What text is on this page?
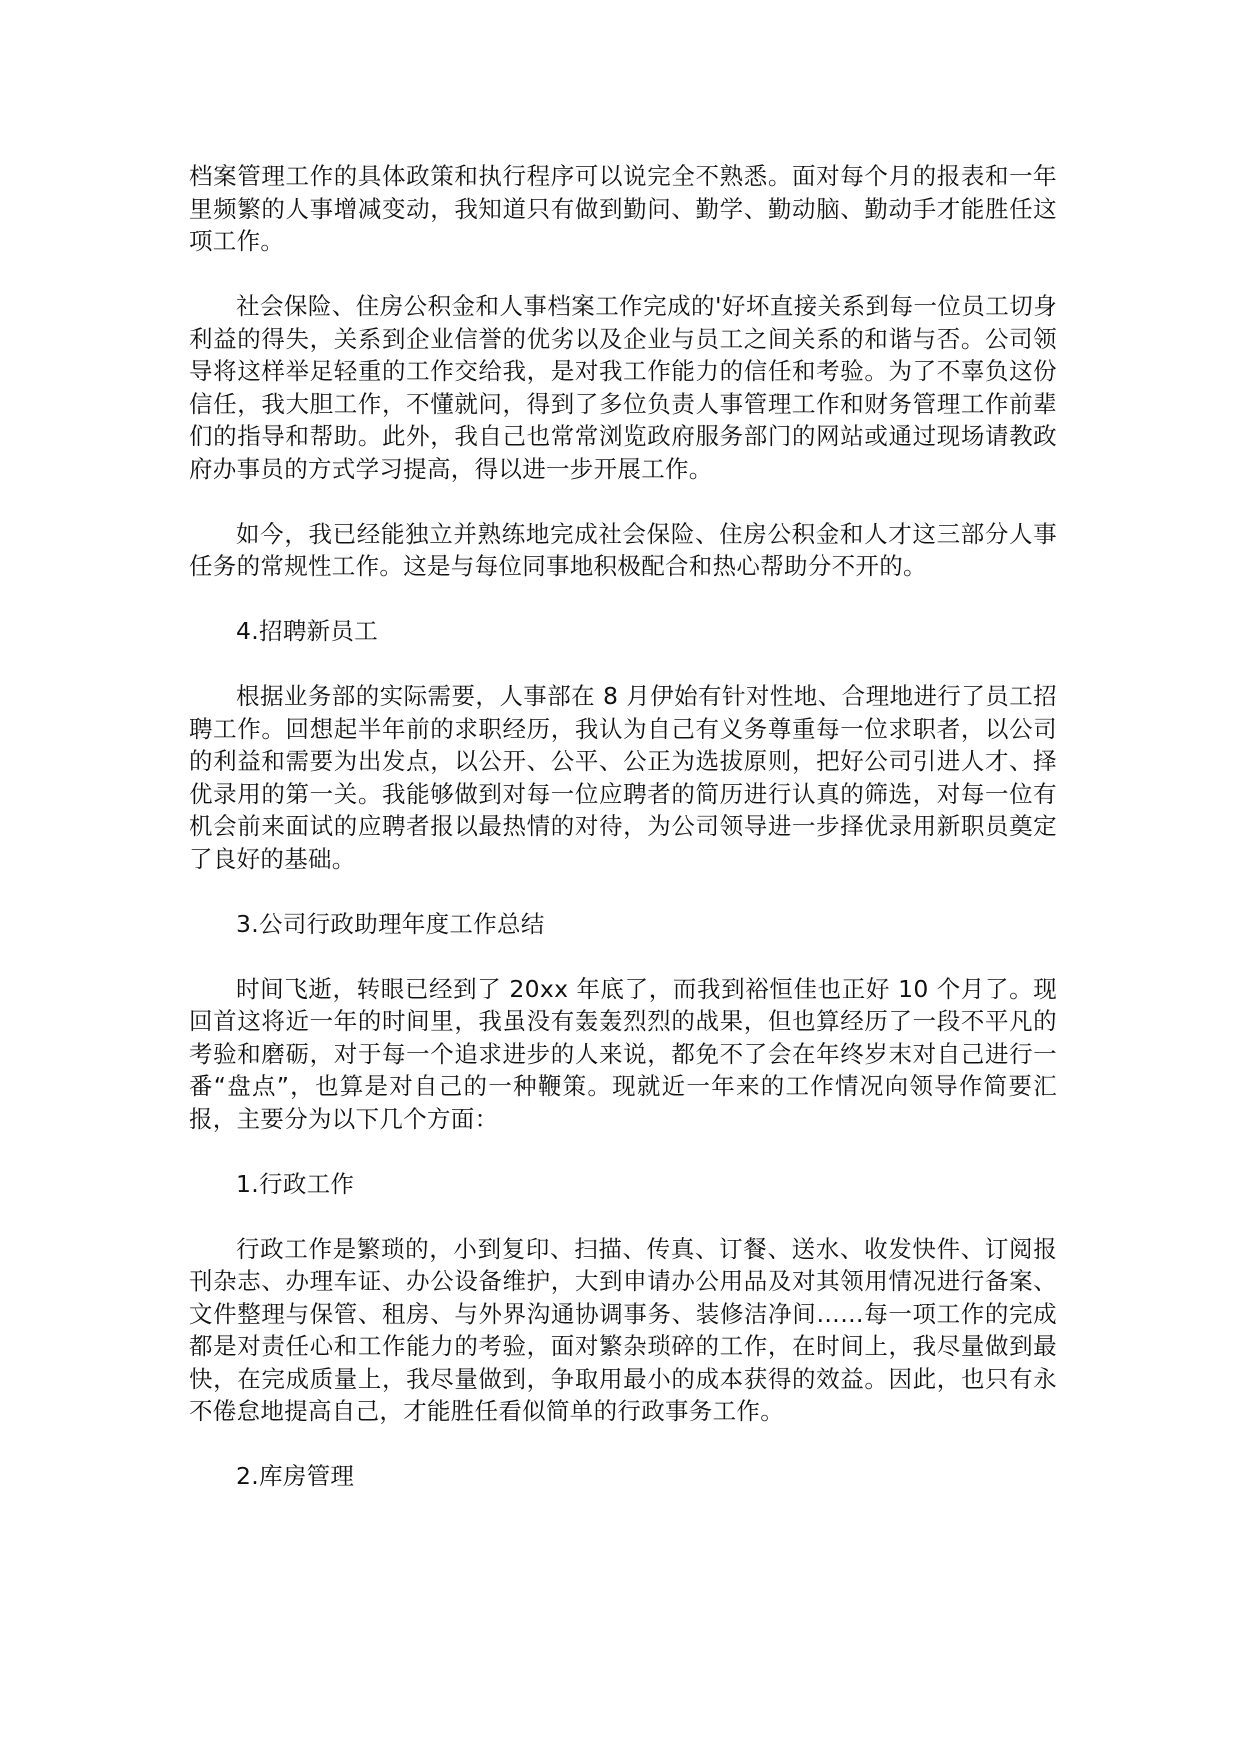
档案管理工作的具体政策和执行程序可以说完全不熟悉。面对每个月的报表和一年里频繁的人事增减变动，我知道只有做到勤问、勤学、勤动脑、勤动手才能胜任这项工作。

社会保险、住房公积金和人事档案工作完成的'好坏直接关系到每一位员工切身利益的得失，关系到企业信誉的优劣以及企业与员工之间关系的和谐与否。公司领导将这样举足轻重的工作交给我，是对我工作能力的信任和考验。为了不辜负这份信任，我大胆工作，不懂就问，得到了多位负责人事管理工作和财务管理工作前辈们的指导和帮助。此外，我自己也常常浏览政府服务部门的网站或通过现场请教政府办事员的方式学习提高，得以进一步开展工作。

如今，我已经能独立并熟练地完成社会保险、住房公积金和人才这三部分人事任务的常规性工作。这是与每位同事地积极配合和热心帮助分不开的。

4.招聘新员工

根据业务部的实际需要，人事部在 8 月伊始有针对性地、合理地进行了员工招聘工作。回想起半年前的求职经历，我认为自己有义务尊重每一位求职者，以公司的利益和需要为出发点，以公开、公平、公正为选拔原则，把好公司引进人才、择优录用的第一关。我能够做到对每一位应聘者的简历进行认真的筛选，对每一位有机会前来面试的应聘者报以最热情的对待，为公司领导进一步择优录用新职员奠定了良好的基础。

3.公司行政助理年度工作总结

时间飞逝，转眼已经到了 20xx 年底了，而我到裕恒佳也正好 10 个月了。现回首这将近一年的时间里，我虽没有轰轰烈烈的战果，但也算经历了一段不平凡的考验和磨砺，对于每一个追求进步的人来说，都免不了会在年终岁末对自己进行一番“盘点”，也算是对自己的一种鞭策。现就近一年来的工作情况向领导作简要汇报，主要分为以下几个方面：

1.行政工作

行政工作是繁琐的，小到复印、扫描、传真、订餐、送水、收发快件、订阅报刊杂志、办理车证、办公设备维护，大到申请办公用品及对其领用情况进行备案、文件整理与保管、租房、与外界沟通协调事务、装修洁净间……每一项工作的完成都是对责任心和工作能力的考验，面对繁杂琐碎的工作，在时间上，我尽量做到最快，在完成质量上，我尽量做到，争取用最小的成本获得的效益。因此，也只有永不倦怠地提高自己，才能胜任看似简单的行政事务工作。

2.库房管理
